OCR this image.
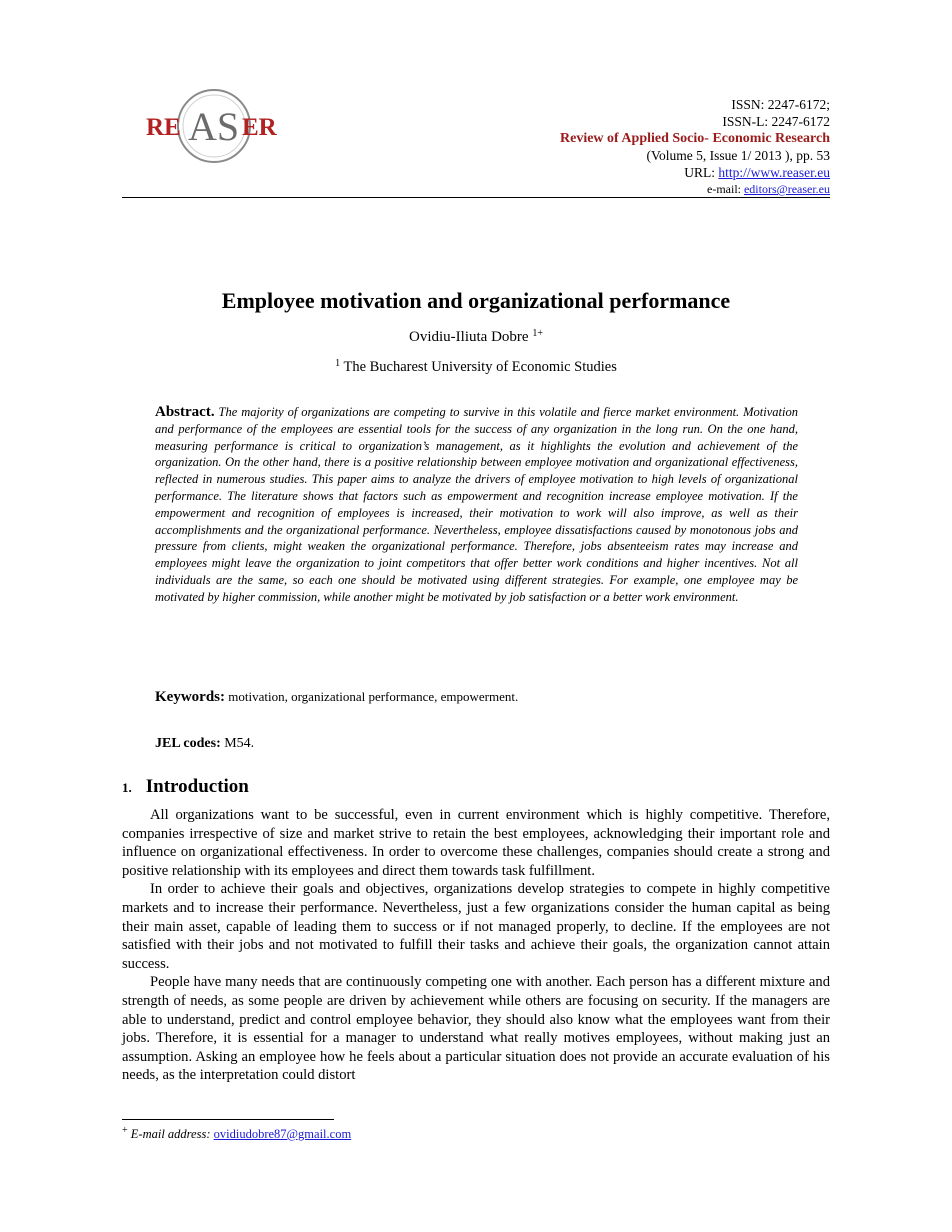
RE AS ER
ISSN: 2247-6172;
ISSN-L: 2247-6172
Review of Applied Socio- Economic Research
(Volume 5, Issue 1/ 2013 ), pp. 53
URL: http://www.reaser.eu
e-mail: editors@reaser.eu
Employee motivation and organizational performance
Ovidiu-Iliuta Dobre $^{1+}$
$^1$ The Bucharest University of Economic Studies
Abstract. The majority of organizations are competing to survive in this volatile and fierce market environment. Motivation and performance of the employees are essential tools for the success of any organization in the long run. On the one hand, measuring performance is critical to organization’s management, as it highlights the evolution and achievement of the organization. On the other hand, there is a positive relationship between employee motivation and organizational effectiveness, reflected in numerous studies. This paper aims to analyze the drivers of employee motivation to high levels of organizational performance. The literature shows that factors such as empowerment and recognition increase employee motivation. If the empowerment and recognition of employees is increased, their motivation to work will also improve, as well as their accomplishments and the organizational performance. Nevertheless, employee dissatisfactions caused by monotonous jobs and pressure from clients, might weaken the organizational performance. Therefore, jobs absenteeism rates may increase and employees might leave the organization to joint competitors that offer better work conditions and higher incentives. Not all individuals are the same, so each one should be motivated using different strategies. For example, one employee may be motivated by higher commission, while another might be motivated by job satisfaction or a better work environment.
Keywords: motivation, organizational performance, empowerment.
JEL codes: M54.
1. Introduction

All organizations want to be successful, even in current environment which is highly competitive. Therefore, companies irrespective of size and market strive to retain the best employees, acknowledging their important role and influence on organizational effectiveness. In order to overcome these challenges, companies should create a strong and positive relationship with its employees and direct them towards task fulfillment.

In order to achieve their goals and objectives, organizations develop strategies to compete in highly competitive markets and to increase their performance. Nevertheless, just a few organizations consider the human capital as being their main asset, capable of leading them to success or if not managed properly, to decline. If the employees are not satisfied with their jobs and not motivated to fulfill their tasks and achieve their goals, the organization cannot attain success.

People have many needs that are continuously competing one with another. Each person has a different mixture and strength of needs, as some people are driven by achievement while others are focusing on security. If the managers are able to understand, predict and control employee behavior, they should also know what the employees want from their jobs. Therefore, it is essential for a manager to understand what really motives employees, without making just an assumption. Asking an employee how he feels about a particular situation does not provide an accurate evaluation of his needs, as the interpretation could distort

+ E-mail address: ovidiudobre87@gmail.com
